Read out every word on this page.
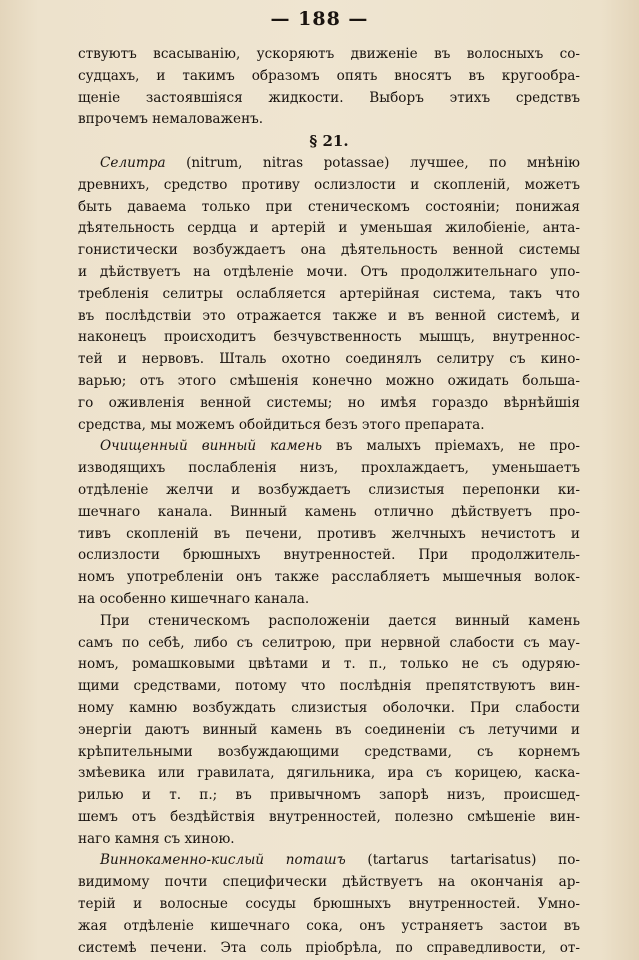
— 188 —
ствуютъ всасыванію, ускоряютъ движеніе въ волосныхъ со-
судцахъ, и такимъ образомъ опять вносятъ въ кругообра-
щеніе застоявшіяся жидкости. Выборъ этихъ средствъ
впрочемъ немаловаженъ.
§ 21.
Селитра (nitrum, nitras potassae) лучшее, по мнѣнію
древнихъ, средство противу ослизлости и скопленій, можетъ
быть даваема только при стеническомъ состояніи; понижая
дѣятельность сердца и артерій и уменьшая жилобіеніе, анта-
гонистически возбуждаетъ она дѣятельность венной системы
и дѣйствуетъ на отдѣленіе мочи. Отъ продолжительнаго упо-
требленія селитры ослабляется артерійная система, такъ что
въ послѣдствіи это отражается также и въ венной системѣ, и
наконецъ происходитъ безчувственность мышцъ, внутреннос-
тей и нервовъ. Шталь охотно соединялъ селитру съ кино-
варью; отъ этого смѣшенія конечно можно ожидать большa-
го оживленія венной системы; но имѣя гораздо вѣрнѣйшія
средства, мы можемъ обойдиться безъ этого препарата.
Очищенный винный камень въ малыхъ пріемахъ, не про-
изводящихъ послабленія низъ, прохлаждаетъ, уменьшаетъ
отдѣленіе желчи и возбуждаетъ слизистыя перепонки ки-
шечнаго канала. Винный камень отлично дѣйствуетъ про-
тивъ скопленій въ печени, противъ желчныхъ нечистотъ и
ослизлости брюшныхъ внутренностей. При продолжитель-
номъ употребленіи онъ также расслабляетъ мышечныя волок-
на особенно кишечнаго канала.
При стеническомъ расположеніи дается винный камень
самъ по себѣ, либо съ селитрою, при нервной слабости съ мау-
номъ, ромашковыми цвѣтами и т. п., только не съ одуряю-
щими средствами, потому что послѣднія препятствуютъ вин-
ному камню возбуждать слизистыя оболочки. При слабости
энергіи даютъ винный камень въ соединеніи съ летучими и
крѣпительными возбуждающими средствами, съ корнемъ
змѣевика или гравилата, дягильника, ира съ корицею, каска-
рилью и т. п.; въ привычномъ запорѣ низъ, происшед-
шемъ отъ бездѣйствія внутренностей, полезно смѣшеніе вин-
наго камня съ хиною.
Виннокаменно-кислый поташъ (tartarus tartarisatus) по-
видимому почти специфически дѣйствуетъ на окончанія ар-
терій и волосные сосуды брюшныхъ внутренностей. Умно-
жая отдѣленіе кишечнаго сока, онъ устраняетъ застои въ
системѣ печени. Эта соль пріобрѣла, по справедливости, от-
